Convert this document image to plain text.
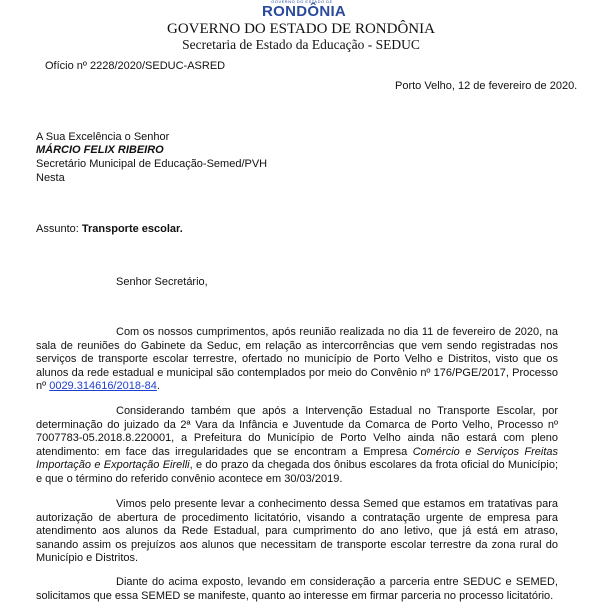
GOVERNO DO ESTADO DE
RONDÔNIA
GOVERNO DO ESTADO DE RONDÔNIA
Secretaria de Estado da Educação - SEDUC
Ofício nº 2228/2020/SEDUC-ASRED
Porto Velho, 12 de fevereiro de 2020.
A Sua Excelência o Senhor
MÁRCIO FELIX RIBEIRO
Secretário Municipal de Educação-Semed/PVH
Nesta
Assunto: Transporte escolar.
Senhor Secretário,
Com os nossos cumprimentos, após reunião realizada no dia 11 de fevereiro de 2020, na sala de reuniões do Gabinete da Seduc, em relação as intercorrências que vem sendo registradas nos serviços de transporte escolar terrestre, ofertado no município de Porto Velho e Distritos, visto que os alunos da rede estadual e municipal são contemplados por meio do Convênio nº 176/PGE/2017, Processo nº 0029.314616/2018-84.
Considerando também que após a Intervenção Estadual no Transporte Escolar, por determinação do juizado da 2ª Vara da Infância e Juventude da Comarca de Porto Velho, Processo nº 7007783-05.2018.8.220001, a Prefeitura do Município de Porto Velho ainda não estará com pleno atendimento: em face das irregularidades que se encontram a Empresa Comércio e Serviços Freitas Importação e Exportação Eirelli, e do prazo da chegada dos ônibus escolares da frota oficial do Município; e que o término do referido convênio acontece em 30/03/2019.
Vimos pelo presente levar a conhecimento dessa Semed que estamos em tratativas para autorização de abertura de procedimento licitatório, visando a contratação urgente de empresa para atendimento aos alunos da Rede Estadual, para cumprimento do ano letivo, que já está em atraso, sanando assim os prejuízos aos alunos que necessitam de transporte escolar terrestre da zona rural do Município e Distritos.
Diante do acima exposto, levando em consideração a parceria entre SEDUC e SEMED, solicitamos que essa SEMED se manifeste, quanto ao interesse em firmar parceria no processo licitatório.
